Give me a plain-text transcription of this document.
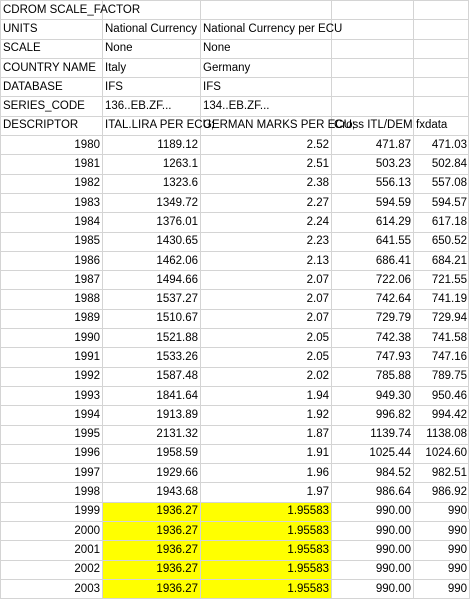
CDROM SCALE_FACTOR				
UNITS	National Currency	National Currency per ECU		
SCALE	None	None		
COUNTRY NAME	Italy	Germany		
DATABASE	IFS	IFS		
SERIES_CODE	136..EB.ZF...	134..EB.ZF...		
DESCRIPTOR	ITAL.LIRA PER ECU;	GERMAN MARKS PER ECU;	Cross ITL/DEM	fxdata
1980	1189.12	2.52	471.87	471.03
1981	1263.1	2.51	503.23	502.84
1982	1323.6	2.38	556.13	557.08
1983	1349.72	2.27	594.59	594.57
1984	1376.01	2.24	614.29	617.18
1985	1430.65	2.23	641.55	650.52
1986	1462.06	2.13	686.41	684.21
1987	1494.66	2.07	722.06	721.55
1988	1537.27	2.07	742.64	741.19
1989	1510.67	2.07	729.79	729.94
1990	1521.88	2.05	742.38	741.58
1991	1533.26	2.05	747.93	747.16
1992	1587.48	2.02	785.88	789.75
1993	1841.64	1.94	949.30	950.46
1994	1913.89	1.92	996.82	994.42
1995	2131.32	1.87	1139.74	1138.08
1996	1958.59	1.91	1025.44	1024.60
1997	1929.66	1.96	984.52	982.51
1998	1943.68	1.97	986.64	986.92
1999	1936.27	1.95583	990.00	990
2000	1936.27	1.95583	990.00	990
2001	1936.27	1.95583	990.00	990
2002	1936.27	1.95583	990.00	990
2003	1936.27	1.95583	990.00	990
